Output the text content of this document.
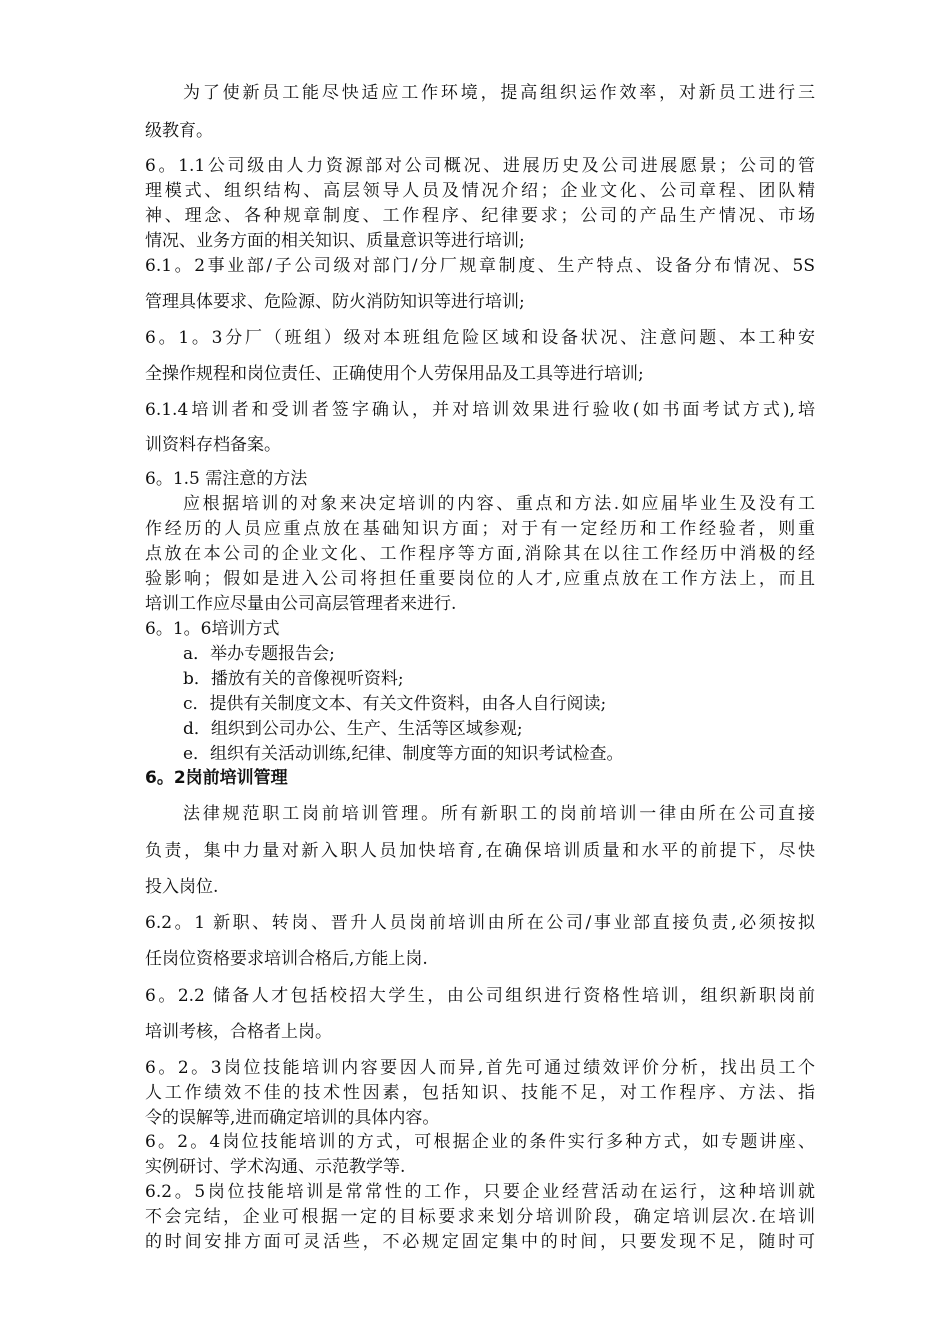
为了使新员工能尽快适应工作环境，提高组织运作效率，对新员工进行三
级教育。
6。1.1公司级由人力资源部对公司概况、进展历史及公司进展愿景；公司的管
理模式、组织结构、高层领导人员及情况介绍；企业文化、公司章程、团队精
神、理念、各种规章制度、工作程序、纪律要求；公司的产品生产情况、市场
情况、业务方面的相关知识、质量意识等进行培训;
6.1。2事业部/子公司级对部门/分厂规章制度、生产特点、设备分布情况、5S
管理具体要求、危险源、防火消防知识等进行培训;
6。1。3分厂（班组）级对本班组危险区域和设备状况、注意问题、本工种安
全操作规程和岗位责任、正确使用个人劳保用品及工具等进行培训;
6.1.4培训者和受训者签字确认，并对培训效果进行验收(如书面考试方式),培
训资料存档备案。
6。1.5 需注意的方法
应根据培训的对象来决定培训的内容、重点和方法.如应届毕业生及没有工
作经历的人员应重点放在基础知识方面；对于有一定经历和工作经验者，则重
点放在本公司的企业文化、工作程序等方面,消除其在以往工作经历中消极的经
验影响；假如是进入公司将担任重要岗位的人才,应重点放在工作方法上，而且
培训工作应尽量由公司高层管理者来进行.
6。1。6培训方式
a．举办专题报告会;
b．播放有关的音像视听资料;
c．提供有关制度文本、有关文件资料，由各人自行阅读;
d．组织到公司办公、生产、生活等区域参观;
e．组织有关活动训练,纪律、制度等方面的知识考试检查。
6。2岗前培训管理
法律规范职工岗前培训管理。所有新职工的岗前培训一律由所在公司直接
负责，集中力量对新入职人员加快培育,在确保培训质量和水平的前提下，尽快
投入岗位.
6.2。1 新职、转岗、晋升人员岗前培训由所在公司/事业部直接负责,必须按拟
任岗位资格要求培训合格后,方能上岗.
6。2.2 储备人才包括校招大学生，由公司组织进行资格性培训，组织新职岗前
培训考核，合格者上岗。
6。2。3岗位技能培训内容要因人而异,首先可通过绩效评价分析，找出员工个
人工作绩效不佳的技术性因素，包括知识、技能不足，对工作程序、方法、指
令的误解等,进而确定培训的具体内容。
6。2。4岗位技能培训的方式，可根据企业的条件实行多种方式，如专题讲座、
实例研讨、学术沟通、示范教学等.
6.2。5岗位技能培训是常常性的工作，只要企业经营活动在运行，这种培训就
不会完结，企业可根据一定的目标要求来划分培训阶段，确定培训层次.在培训
的时间安排方面可灵活些，不必规定固定集中的时间，只要发现不足，随时可
